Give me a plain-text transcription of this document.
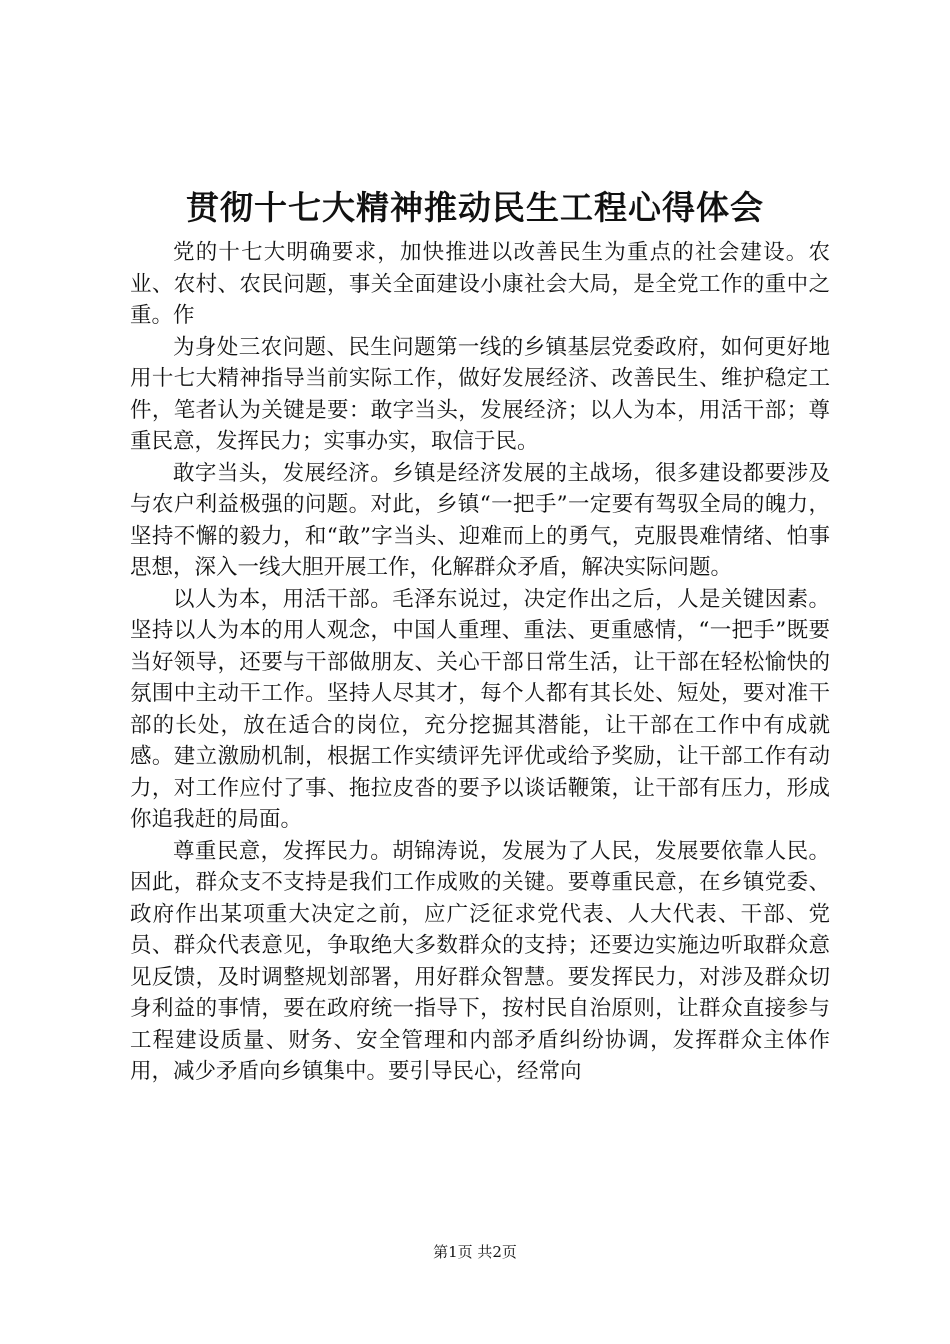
贯彻十七大精神推动民生工程心得体会

党的十七大明确要求，加快推进以改善民生为重点的社会建设。农业、农村、农民问题，事关全面建设小康社会大局，是全党工作的重中之重。作

为身处三农问题、民生问题第一线的乡镇基层党委政府，如何更好地用十七大精神指导当前实际工作，做好发展经济、改善民生、维护稳定工件，笔者认为关键是要：敢字当头，发展经济；以人为本，用活干部；尊重民意，发挥民力；实事办实，取信于民。

敢字当头，发展经济。乡镇是经济发展的主战场，很多建设都要涉及与农户利益极强的问题。对此，乡镇“一把手”一定要有驾驭全局的魄力，坚持不懈的毅力，和“敢”字当头、迎难而上的勇气，克服畏难情绪、怕事思想，深入一线大胆开展工作，化解群众矛盾，解决实际问题。

以人为本，用活干部。毛泽东说过，决定作出之后，人是关键因素。坚持以人为本的用人观念，中国人重理、重法、更重感情，“一把手”既要当好领导，还要与干部做朋友、关心干部日常生活，让干部在轻松愉快的氛围中主动干工作。坚持人尽其才，每个人都有其长处、短处，要对准干部的长处，放在适合的岗位，充分挖掘其潜能，让干部在工作中有成就感。建立激励机制，根据工作实绩评先评优或给予奖励，让干部工作有动力，对工作应付了事、拖拉皮沓的要予以谈话鞭策，让干部有压力，形成你追我赶的局面。

尊重民意，发挥民力。胡锦涛说，发展为了人民，发展要依靠人民。因此，群众支不支持是我们工作成败的关键。要尊重民意，在乡镇党委、政府作出某项重大决定之前，应广泛征求党代表、人大代表、干部、党员、群众代表意见，争取绝大多数群众的支持；还要边实施边听取群众意见反馈，及时调整规划部署，用好群众智慧。要发挥民力，对涉及群众切身利益的事情，要在政府统一指导下，按村民自治原则，让群众直接参与工程建设质量、财务、安全管理和内部矛盾纠纷协调，发挥群众主体作用，减少矛盾向乡镇集中。要引导民心，经常向

第1页 共2页
